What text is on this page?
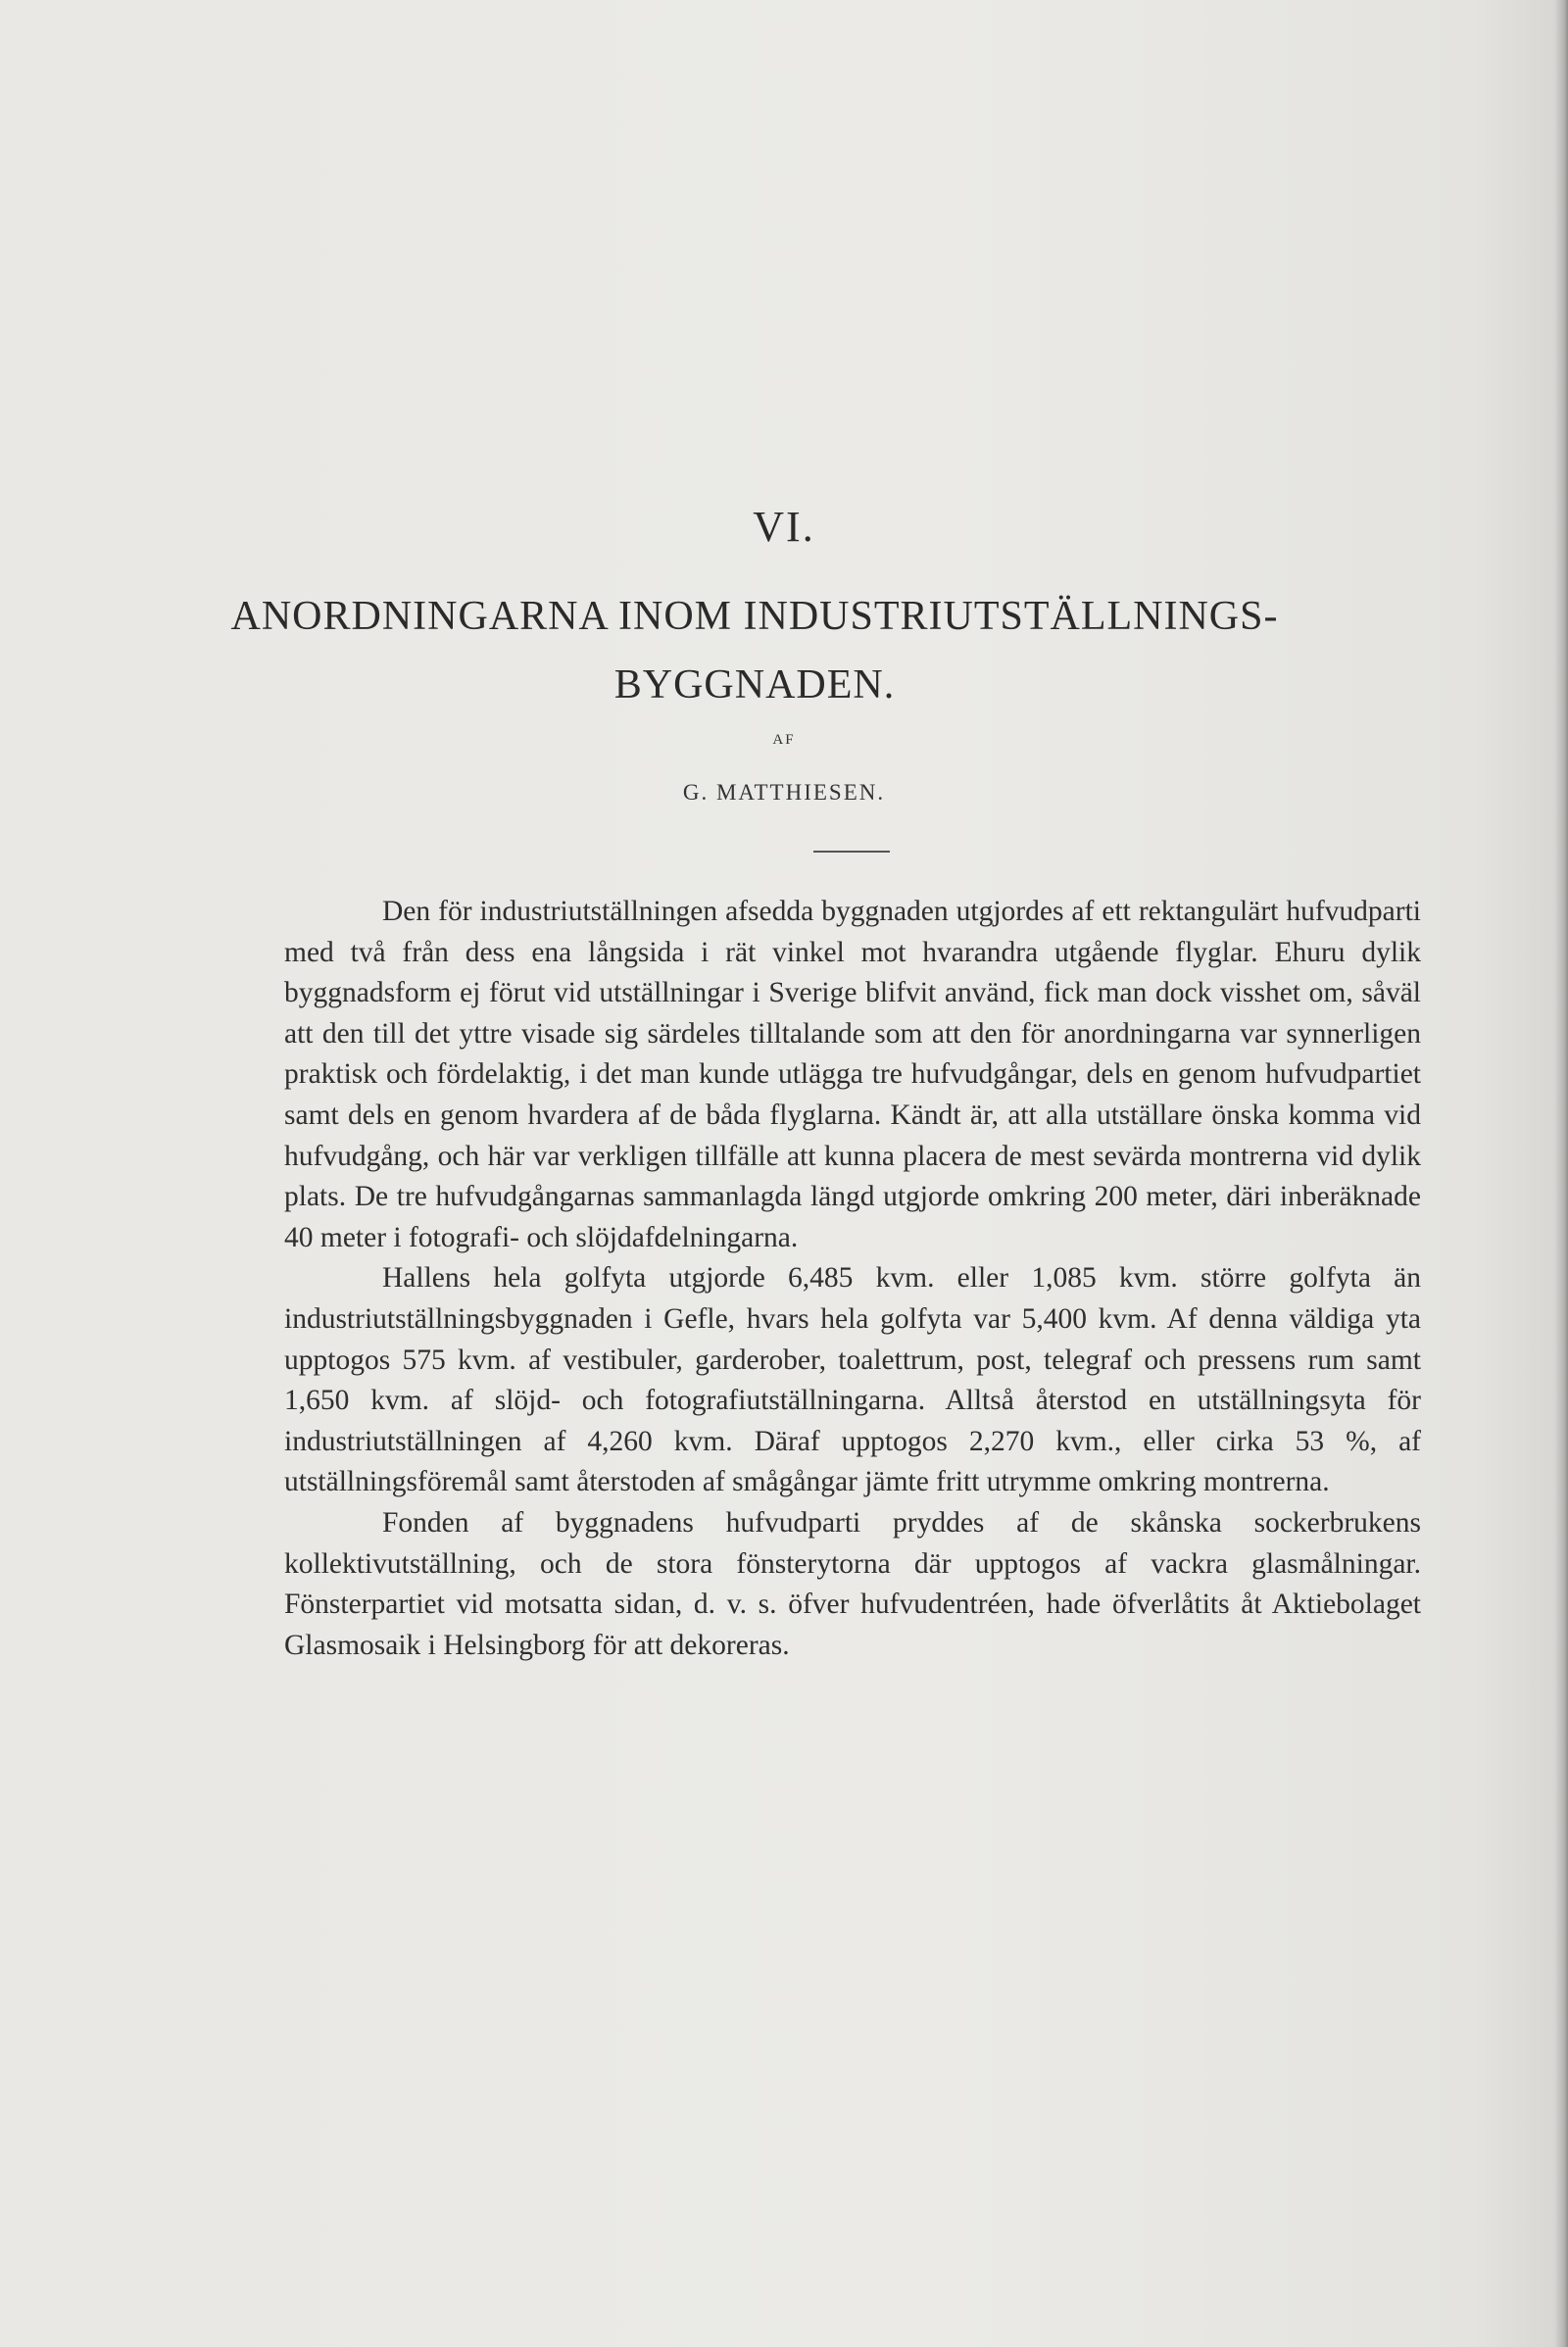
VI.
ANORDNINGARNA INOM INDUSTRIUTSTÄLLNINGS-BYGGNADEN.
AF
G. MATTHIESEN.

Den för industriutställningen afsedda byggnaden utgjordes af ett rektangulärt hufvudparti med två från dess ena långsida i rät vinkel mot hvarandra utgående flyglar. Ehuru dylik byggnadsform ej förut vid utställningar i Sverige blifvit använd, fick man dock visshet om, såväl att den till det yttre visade sig särdeles tilltalande som att den för anordningarna var synnerligen praktisk och fördelaktig, i det man kunde utlägga tre hufvudgångar, dels en genom hufvudpartiet samt dels en genom hvardera af de båda flyglarna. Kändt är, att alla utställare önska komma vid hufvudgång, och här var verkligen tillfälle att kunna placera de mest sevärda montrerna vid dylik plats. De tre hufvudgångarnas sammanlagda längd utgjorde omkring 200 meter, däri inberäknade 40 meter i fotografi- och slöjdafdelningarna.

Hallens hela golfyta utgjorde 6,485 kvm. eller 1,085 kvm. större golfyta än industriutställningsbyggnaden i Gefle, hvars hela golfyta var 5,400 kvm. Af denna väldiga yta upptogos 575 kvm. af vestibuler, garderober, toalettrum, post, telegraf och pressens rum samt 1,650 kvm. af slöjd- och fotografiutställningarna. Alltså återstod en utställningsyta för industriutställningen af 4,260 kvm. Däraf upptogos 2,270 kvm., eller cirka 53 %, af utställningsföremål samt återstoden af smågångar jämte fritt utrymme omkring montrerna.

Fonden af byggnadens hufvudparti pryddes af de skånska sockerbrukens kollektivutställning, och de stora fönsterytorna där upptogos af vackra glasmålningar. Fönsterpartiet vid motsatta sidan, d. v. s. öfver hufvudentréen, hade öfverlåtits åt Aktiebolaget Glasmosaik i Helsingborg för att dekoreras.
